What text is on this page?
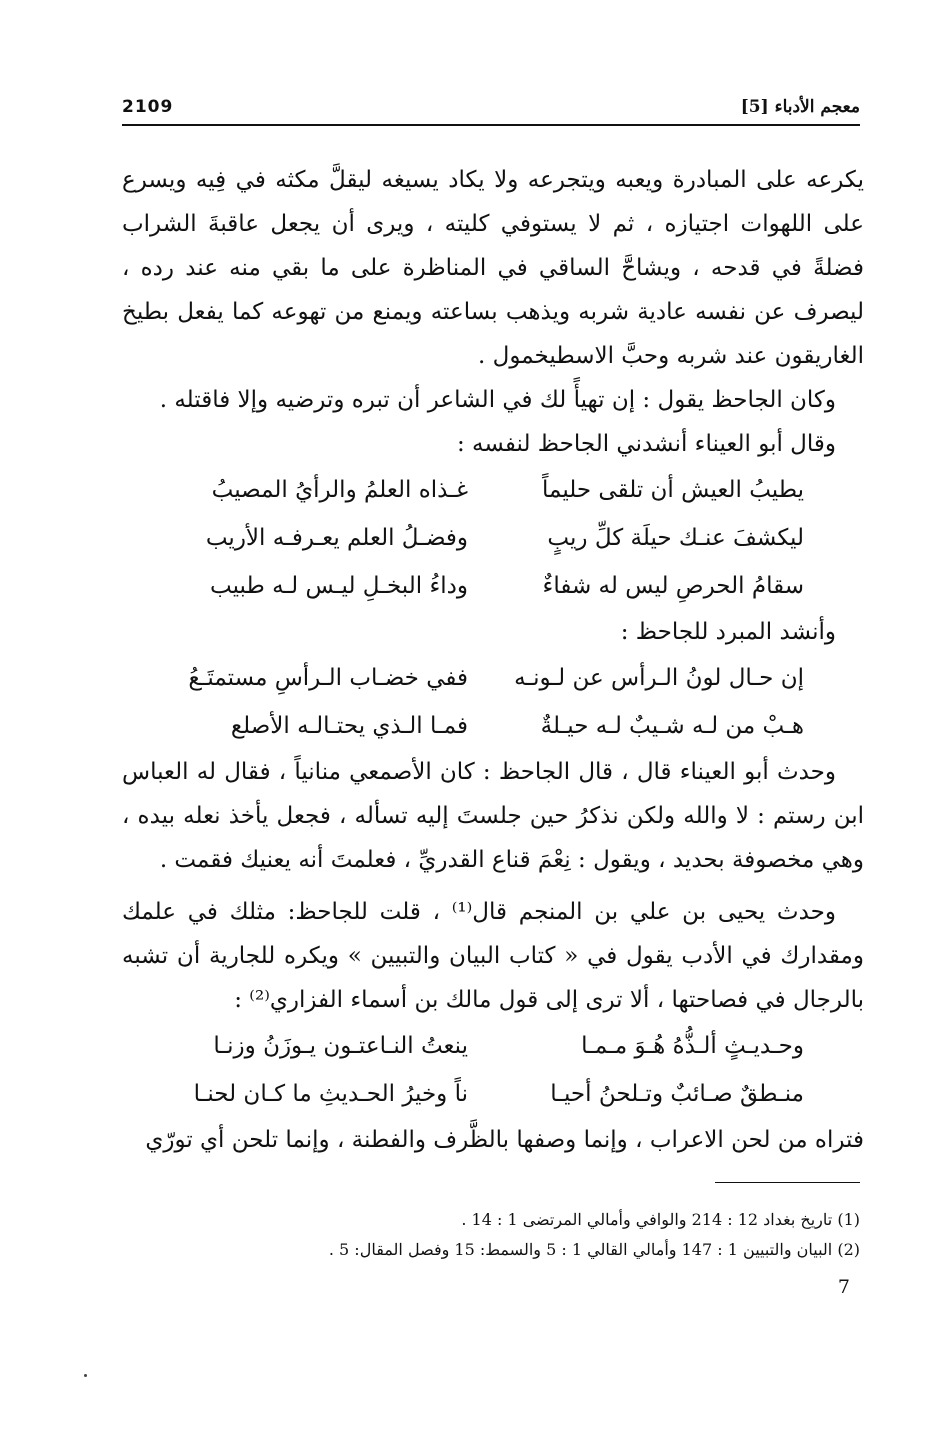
2109	معجم الأدباء [5]

يكرعه على المبادرة ويعبه ويتجرعه ولا يكاد يسيغه ليقلَّ مكثه في فِيه ويسرع على اللهوات اجتيازه ، ثم لا يستوفي كليته ، ويرى أن يجعل عاقبةَ الشراب فضلةً في قدحه ، ويشاحَّ الساقي في المناظرة على ما بقي منه عند رده ، ليصرف عن نفسه عادية شربه ويذهب بساعته ويمنع من تهوعه كما يفعل بطيخ الغاريقون عند شربه وحبَّ الاسطيخمول .

وكان الجاحظ يقول : إن تهيأً لك في الشاعر أن تبره وترضيه وإلا فاقتله .

وقال أبو العيناء أنشدني الجاحظ لنفسه :

يطيبُ العيش أن تلقى حليماً
غـذاه العلمُ والرأيُ المصيبُ
ليكشفَ عنـك حيلَة كلِّ ريبٍ
وفضـلُ العلم يعـرفـه الأريب
سقامُ الحرصِ ليس له شفاءٌ
وداءُ البخـلِ ليـس لـه طبيب

وأنشد المبرد للجاحظ :

إن حـال لونُ الـرأس عن لـونـه
ففي خضـاب الـرأسِ مستمتَـعُ
هـبْ من لـه شـيبٌ لـه حيـلةٌ
فمـا الـذي يحتـالـه الأصلع

وحدث أبو العيناء قال ، قال الجاحظ : كان الأصمعي منانياً ، فقال له العباس ابن رستم : لا والله ولكن نذكرُ حين جلستَ إليه تسأله ، فجعل يأخذ نعله بيده ، وهي مخصوفة بحديد ، ويقول : نِعْمَ قناع القدريِّ ، فعلمتَ أنه يعنيك فقمت .

وحدث يحيى بن علي بن المنجم قال⁽¹⁾ ، قلت للجاحظ: مثلك في علمك ومقدارك في الأدب يقول في « كتاب البيان والتبيين » ويكره للجارية أن تشبه بالرجال في فصاحتها ، ألا ترى إلى قول مالك بن أسماء الفزاري⁽²⁾ :

وحـديـثٍ ألـذُّهُ هُـوَ مـمـا
ينعتُ النـاعتـون يـوزَنُ وزنـا
منـطقٌ صـائبٌ وتـلحنُ أحيـا
ناً وخيرُ الحـديثِ ما كـان لحنـا

فتراه من لحن الاعراب ، وإنما وصفها بالظَّرف والفطنة ، وإنما تلحن أي تورّي

(1) تاريخ بغداد 12 : 214 والوافي وأمالي المرتضى 1 : 14 .
(2) البيان والتبيين 1 : 147 وأمالي القالي 1 : 5 والسمط: 15 وفصل المقال: 5 .
7
